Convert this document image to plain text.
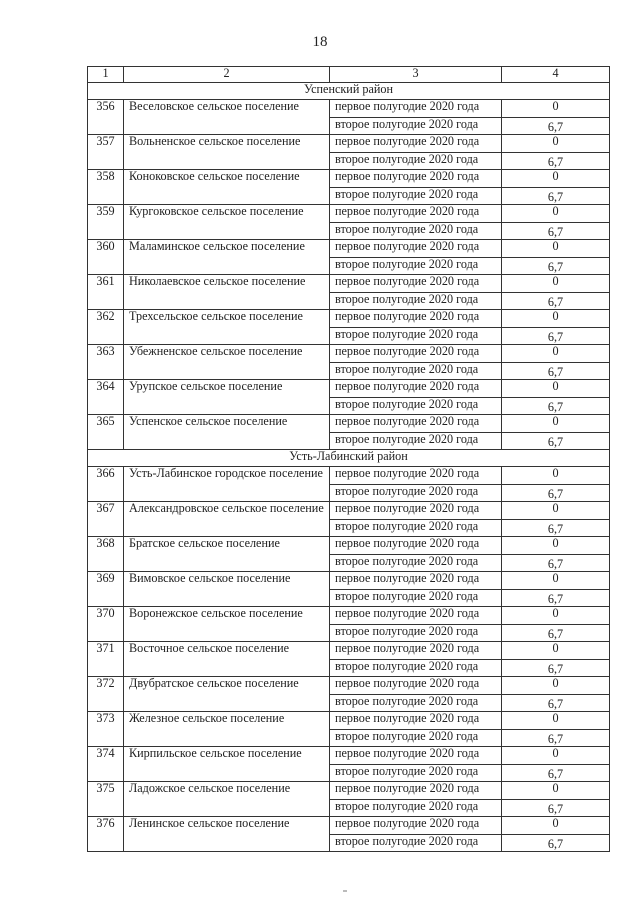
18
1	2	3	4
Успенский район			
356	Веселовское сельское поселение	первое полугодие 2020 года	0
		второе полугодие 2020 года	6,7
357	Вольненское сельское поселение	первое полугодие 2020 года	0
		второе полугодие 2020 года	6,7
358	Коноковское сельское поселение	первое полугодие 2020 года	0
		второе полугодие 2020 года	6,7
359	Кургоковское сельское поселение	первое полугодие 2020 года	0
		второе полугодие 2020 года	6,7
360	Маламинское сельское поселение	первое полугодие 2020 года	0
		второе полугодие 2020 года	6,7
361	Николаевское сельское поселение	первое полугодие 2020 года	0
		второе полугодие 2020 года	6,7
362	Трехсельское сельское поселение	первое полугодие 2020 года	0
		второе полугодие 2020 года	6,7
363	Убежненское сельское поселение	первое полугодие 2020 года	0
		второе полугодие 2020 года	6,7
364	Урупское сельское поселение	первое полугодие 2020 года	0
		второе полугодие 2020 года	6,7
365	Успенское сельское поселение	первое полугодие 2020 года	0
		второе полугодие 2020 года	6,7
Усть-Лабинский район			
366	Усть-Лабинское городское поселение	первое полугодие 2020 года	0
		второе полугодие 2020 года	6,7
367	Александровское сельское поселение	первое полугодие 2020 года	0
		второе полугодие 2020 года	6,7
368	Братское сельское поселение	первое полугодие 2020 года	0
		второе полугодие 2020 года	6,7
369	Вимовское сельское поселение	первое полугодие 2020 года	0
		второе полугодие 2020 года	6,7
370	Воронежское сельское поселение	первое полугодие 2020 года	0
		второе полугодие 2020 года	6,7
371	Восточное сельское поселение	первое полугодие 2020 года	0
		второе полугодие 2020 года	6,7
372	Двубратское сельское поселение	первое полугодие 2020 года	0
		второе полугодие 2020 года	6,7
373	Железное сельское поселение	первое полугодие 2020 года	0
		второе полугодие 2020 года	6,7
374	Кирпильское сельское поселение	первое полугодие 2020 года	0
		второе полугодие 2020 года	6,7
375	Ладожское сельское поселение	первое полугодие 2020 года	0
		второе полугодие 2020 года	6,7
376	Ленинское сельское поселение	первое полугодие 2020 года	0
		второе полугодие 2020 года	6,7
